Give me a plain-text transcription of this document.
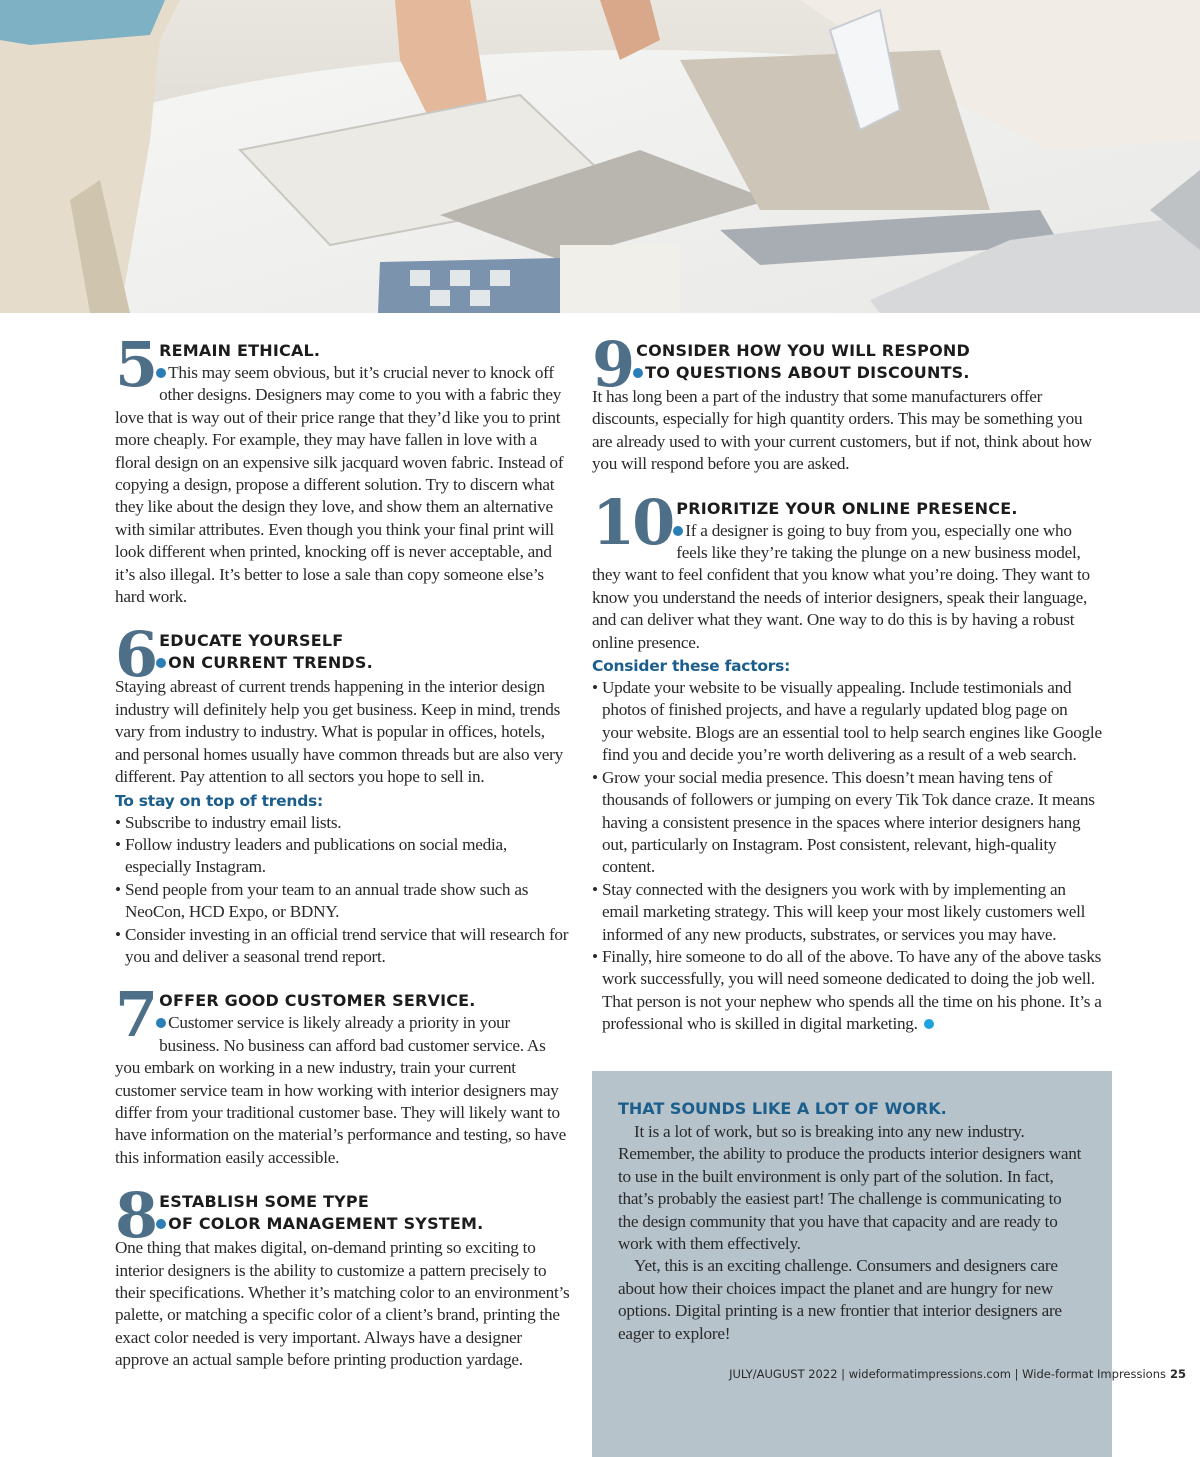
5 REMAIN ETHICAL.
This may seem obvious, but it’s crucial never to knock off other designs. Designers may come to you with a fabric they love that is way out of their price range that they’d like you to print more cheaply. For example, they may have fallen in love with a floral design on an expensive silk jacquard woven fabric. Instead of copying a design, propose a different solution. Try to discern what they like about the design they love, and show them an alternative with similar attributes. Even though you think your final print will look different when printed, knocking off is never acceptable, and it’s also illegal. It’s better to lose a sale than copy someone else’s hard work.
6 EDUCATE YOURSELF
ON CURRENT TRENDS.
Staying abreast of current trends happening in the interior design industry will definitely help you get business. Keep in mind, trends vary from industry to industry. What is popular in offices, hotels, and personal homes usually have common threads but are also very different. Pay attention to all sectors you hope to sell in.
To stay on top of trends:
• Subscribe to industry email lists.
• Follow industry leaders and publications on social media, especially Instagram.
• Send people from your team to an annual trade show such as NeoCon, HCD Expo, or BDNY.
• Consider investing in an official trend service that will research for you and deliver a seasonal trend report.
7 OFFER GOOD CUSTOMER SERVICE.
Customer service is likely already a priority in your business. No business can afford bad customer service. As you embark on working in a new industry, train your current customer service team in how working with interior designers may differ from your traditional customer base. They will likely want to have information on the material’s performance and testing, so have this information easily accessible.
8 ESTABLISH SOME TYPE
OF COLOR MANAGEMENT SYSTEM.
One thing that makes digital, on-demand printing so exciting to interior designers is the ability to customize a pattern precisely to their specifications. Whether it’s matching color to an environment’s palette, or matching a specific color of a client’s brand, printing the exact color needed is very important. Always have a designer approve an actual sample before printing production yardage.
9 CONSIDER HOW YOU WILL RESPOND
TO QUESTIONS ABOUT DISCOUNTS.
It has long been a part of the industry that some manufacturers offer discounts, especially for high quantity orders. This may be something you are already used to with your current customers, but if not, think about how you will respond before you are asked.
10 PRIORITIZE YOUR ONLINE PRESENCE.
If a designer is going to buy from you, especially one who feels like they’re taking the plunge on a new business model, they want to feel confident that you know what you’re doing. They want to know you understand the needs of interior designers, speak their language, and can deliver what they want. One way to do this is by having a robust online presence.
Consider these factors:
• Update your website to be visually appealing. Include testimonials and photos of finished projects, and have a regularly updated blog page on your website. Blogs are an essential tool to help search engines like Google find you and decide you’re worth delivering as a result of a web search.
• Grow your social media presence. This doesn’t mean having tens of thousands of followers or jumping on every Tik Tok dance craze. It means having a consistent presence in the spaces where interior designers hang out, particularly on Instagram. Post consistent, relevant, high-quality content.
• Stay connected with the designers you work with by implementing an email marketing strategy. This will keep your most likely customers well informed of any new products, substrates, or services you may have.
• Finally, hire someone to do all of the above. To have any of the above tasks work successfully, you will need someone dedicated to doing the job well. That person is not your nephew who spends all the time on his phone. It’s a professional who is skilled in digital marketing.
THAT SOUNDS LIKE A LOT OF WORK.

It is a lot of work, but so is breaking into any new industry. Remember, the ability to produce the products interior designers want to use in the built environment is only part of the solution. In fact, that’s probably the easiest part! The challenge is communicating to the design community that you have that capacity and are ready to work with them effectively.

Yet, this is an exciting challenge. Consumers and designers care about how their choices impact the planet and are hungry for new options. Digital printing is a new frontier that interior designers are eager to explore!

JULY/AUGUST 2022 | wideformatimpressions.com | Wide-format Impressions 25
